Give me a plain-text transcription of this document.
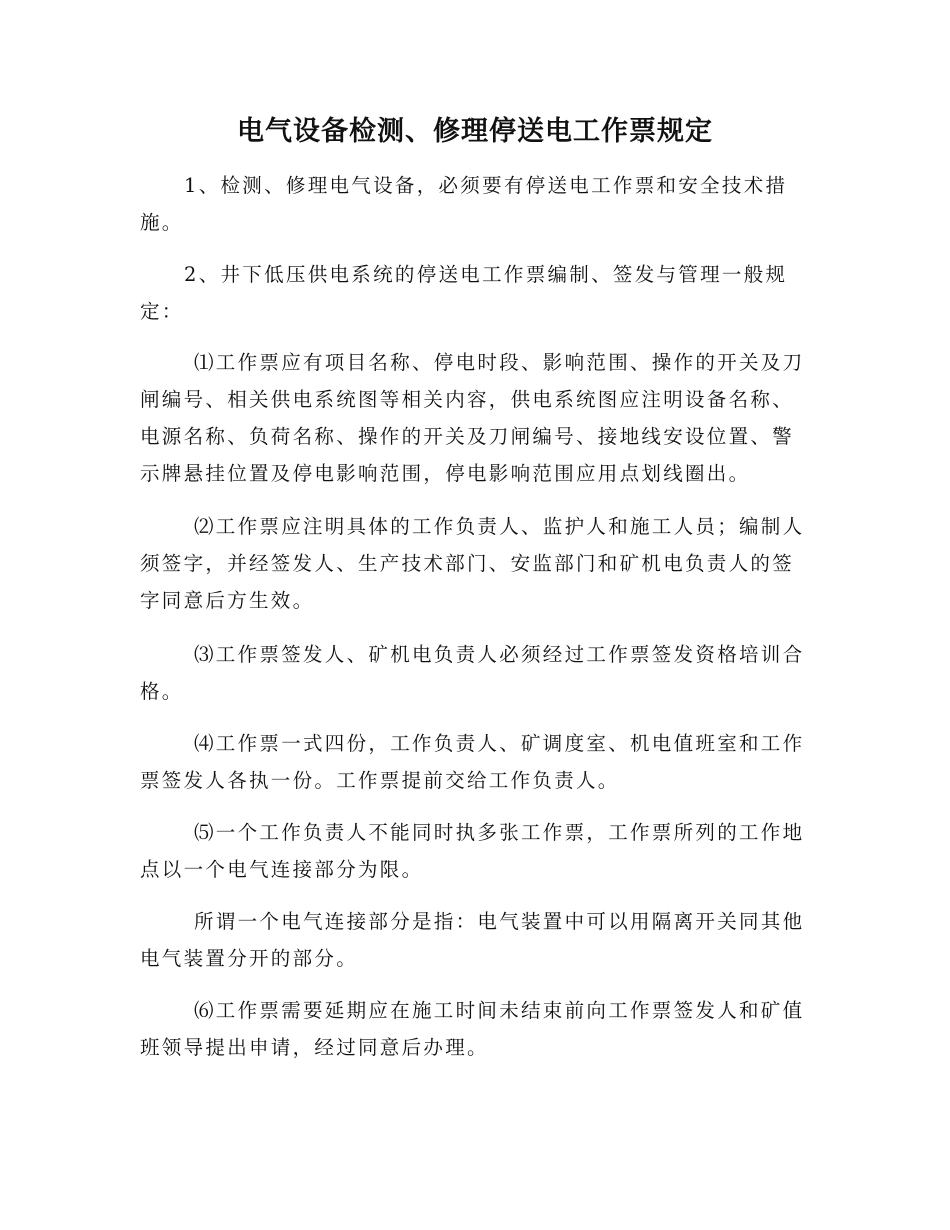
电气设备检测、修理停送电工作票规定

1、检测、修理电气设备，必须要有停送电工作票和安全技术措施。

2、井下低压供电系统的停送电工作票编制、签发与管理一般规定：

⑴工作票应有项目名称、停电时段、影响范围、操作的开关及刀闸编号、相关供电系统图等相关内容，供电系统图应注明设备名称、电源名称、负荷名称、操作的开关及刀闸编号、接地线安设位置、警示牌悬挂位置及停电影响范围，停电影响范围应用点划线圈出。

⑵工作票应注明具体的工作负责人、监护人和施工人员；编制人须签字，并经签发人、生产技术部门、安监部门和矿机电负责人的签字同意后方生效。

⑶工作票签发人、矿机电负责人必须经过工作票签发资格培训合格。

⑷工作票一式四份，工作负责人、矿调度室、机电值班室和工作票签发人各执一份。工作票提前交给工作负责人。

⑸一个工作负责人不能同时执多张工作票，工作票所列的工作地点以一个电气连接部分为限。

所谓一个电气连接部分是指：电气装置中可以用隔离开关同其他电气装置分开的部分。

⑹工作票需要延期应在施工时间未结束前向工作票签发人和矿值班领导提出申请，经过同意后办理。
